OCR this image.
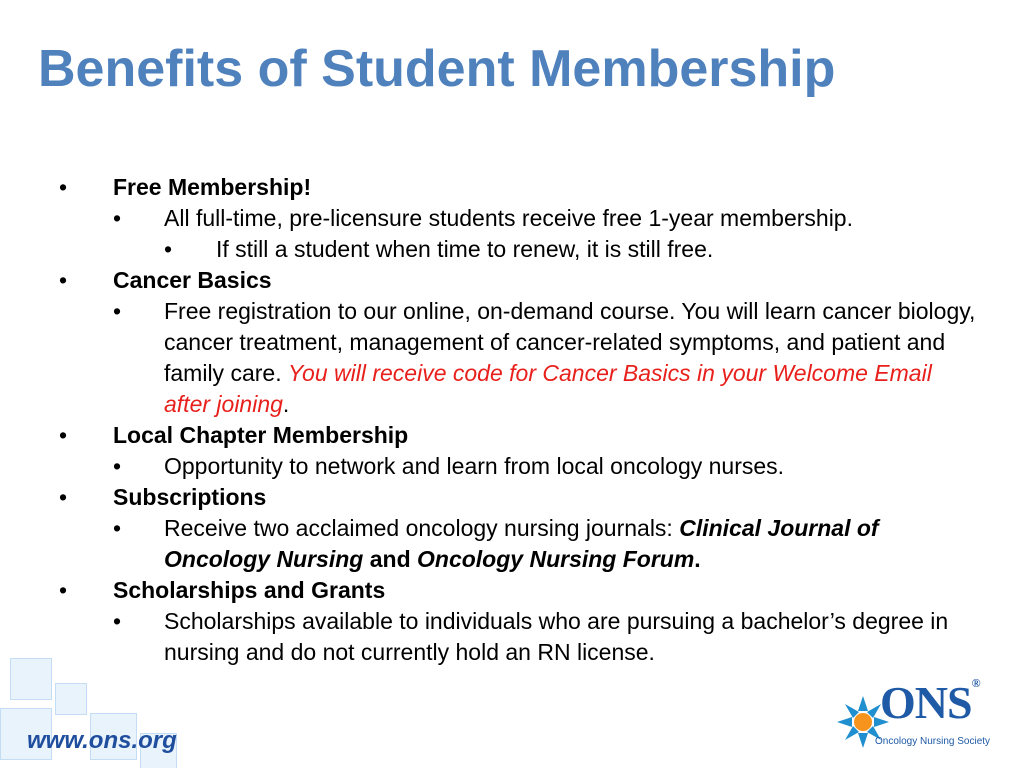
Benefits of Student Membership
• Free Membership!
• All full-time, pre-licensure students receive free 1-year membership.
• If still a student when time to renew, it is still free.
• Cancer Basics
• Free registration to our online, on-demand course. You will learn cancer biology, cancer treatment, management of cancer-related symptoms, and patient and family care. You will receive code for Cancer Basics in your Welcome Email after joining.
• Local Chapter Membership
• Opportunity to network and learn from local oncology nurses.
• Subscriptions
• Receive two acclaimed oncology nursing journals: Clinical Journal of Oncology Nursing and Oncology Nursing Forum.
• Scholarships and Grants
• Scholarships available to individuals who are pursuing a bachelor’s degree in nursing and do not currently hold an RN license.
www.ons.org
ONS®
Oncology Nursing Society
